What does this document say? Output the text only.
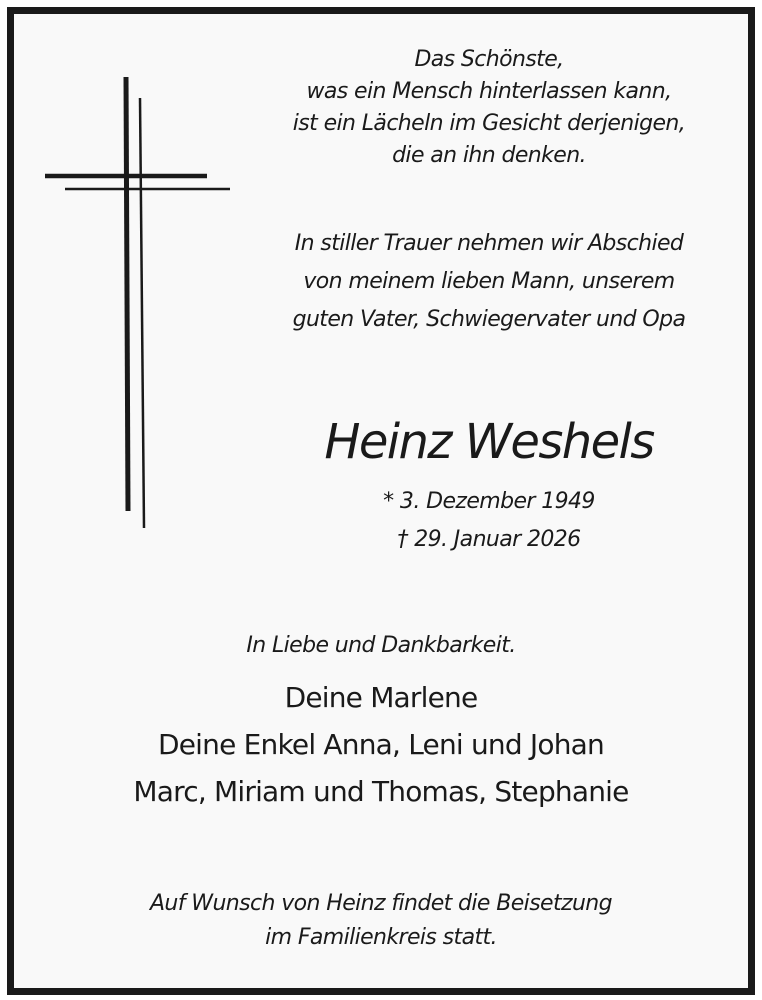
Das Schönste,
was ein Mensch hinterlassen kann,
ist ein Lächeln im Gesicht derjenigen,
die an ihn denken.

In stiller Trauer nehmen wir Abschied
von meinem lieben Mann, unserem
guten Vater, Schwiegervater und Opa

Heinz Weshels

* 3. Dezember 1949
† 29. Januar 2026

In Liebe und Dankbarkeit.

Deine Marlene
Deine Enkel Anna, Leni und Johan
Marc, Miriam und Thomas, Stephanie

Auf Wunsch von Heinz findet die Beisetzung
im Familienkreis statt.
